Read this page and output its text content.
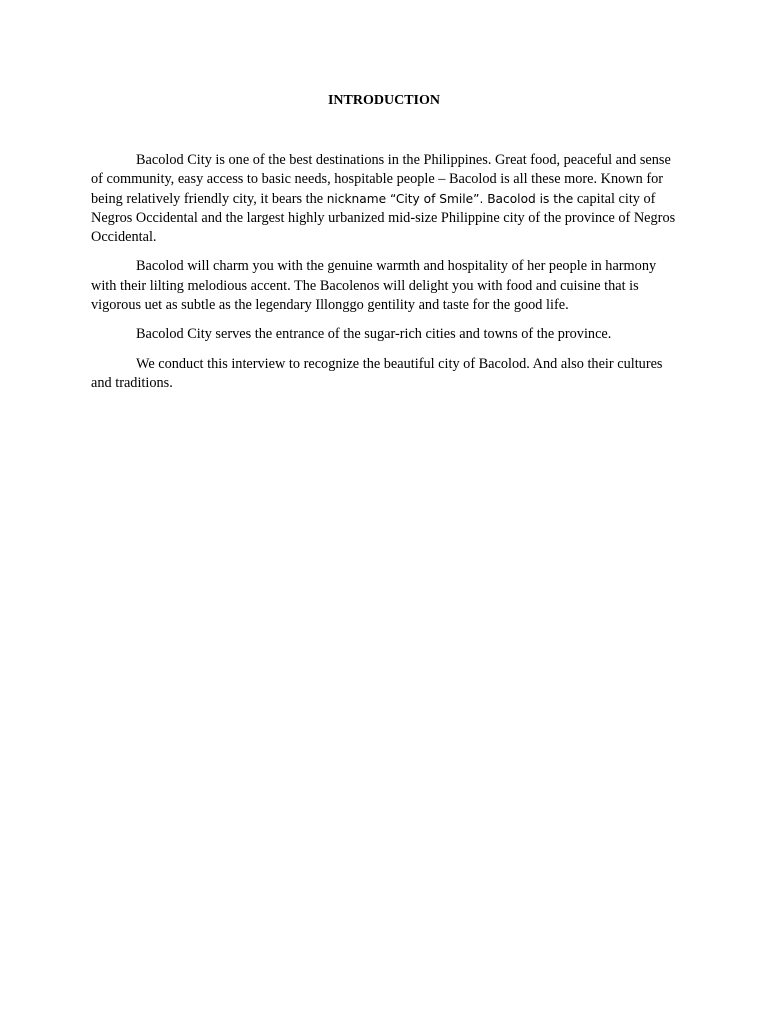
INTRODUCTION

Bacolod City is one of the best destinations in the Philippines. Great food, peaceful and sense of community, easy access to basic needs, hospitable people – Bacolod is all these more. Known for being relatively friendly city, it bears the nickname “City of Smile”. Bacolod is the capital city of Negros Occidental and the largest highly urbanized mid-size Philippine city of the province of Negros Occidental.

Bacolod will charm you with the genuine warmth and hospitality of her people in harmony with their lilting melodious accent. The Bacolenos will delight you with food and cuisine that is vigorous uet as subtle as the legendary Illonggo gentility and taste for the good life.

Bacolod City serves the entrance of the sugar-rich cities and towns of the province.

We conduct this interview to recognize the beautiful city of Bacolod. And also their cultures and traditions.
